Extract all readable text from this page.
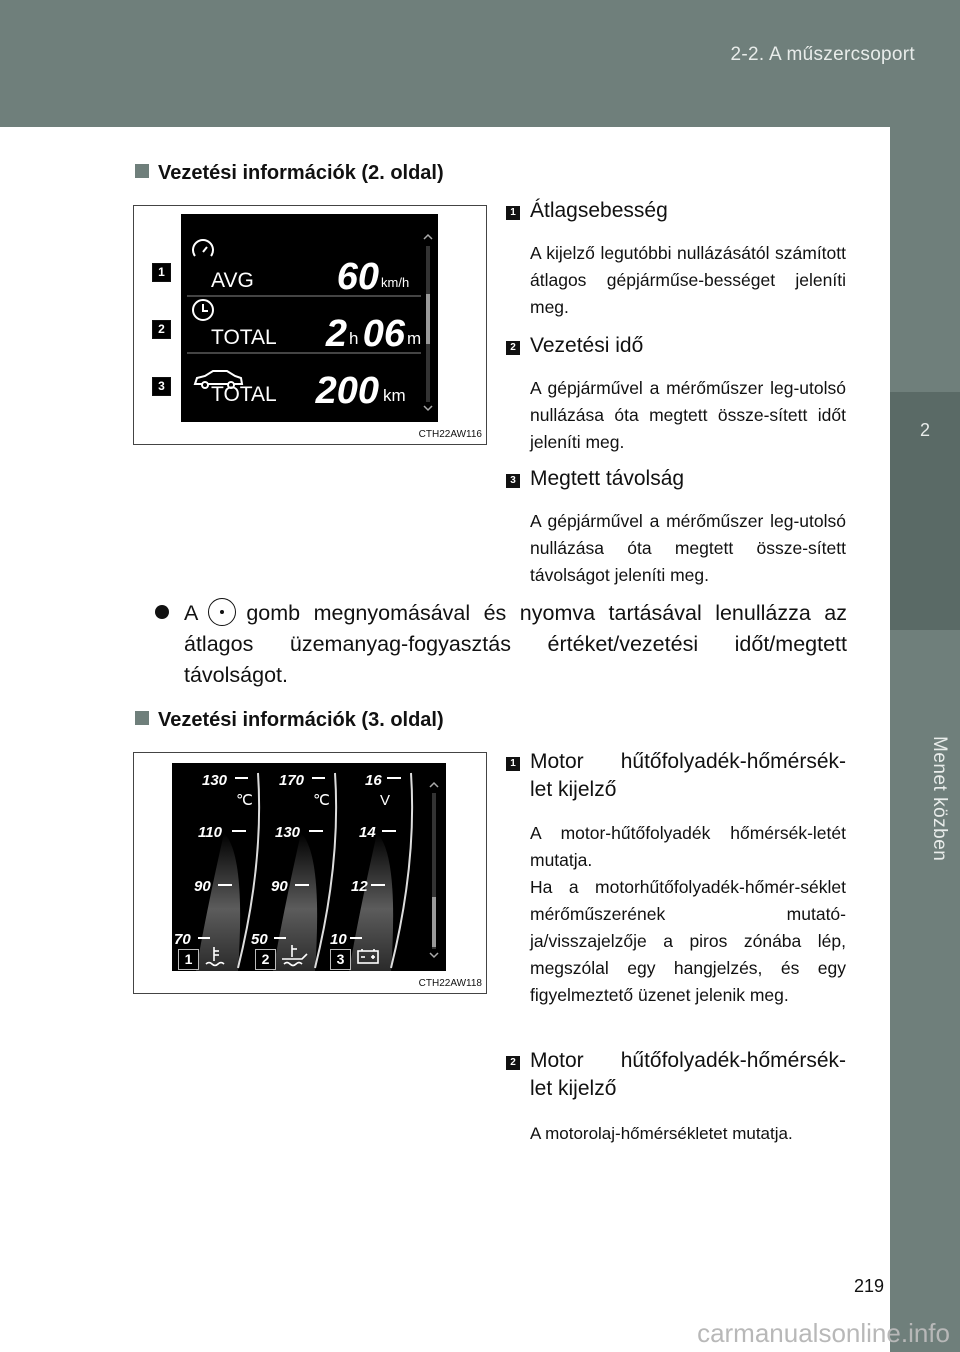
2-2. A műszercsoport
2
Menet közben
Vezetési információk (2. oldal)
1
2
3
AVG
TOTAL
TOTAL
60 km/h
2 h 06 m
200 km
CTH22AW116
1 Átlagsebesség
A kijelző legutóbbi nullázásától számított átlagos gépjárműse-bességet jeleníti meg.
2 Vezetési idő
A gépjárművel a mérőműszer leg-utolsó nullázása óta megtett össze-sített időt jeleníti meg.
3 Megtett távolság
A gépjárművel a mérőműszer leg-utolsó nullázása óta megtett össze-sített távolságot jeleníti meg.
A gomb megnyomásával és nyomva tartásával lenullázza az átlagos üzemanyag-fogyasztás értéket/vezetési időt/megtett távolságot.
Vezetési információk (3. oldal)
130
℃
110
90
70
170
℃
130
90
50
16
V
14
12
10
1	2	3
CTH22AW118
1 Motor hűtőfolyadék-hőmérsék-
let kijelző
A motor-hűtőfolyadék hőmérsék-letét mutatja.
Ha a motorhűtőfolyadék-hőmér-séklet mérőműszerének mutató-ja/visszajelzője a piros zónába lép, megszólal egy hangjelzés, és egy figyelmeztető üzenet jelenik meg.
2 Motor hűtőfolyadék-hőmérsék-
let kijelző
A motorolaj-hőmérsékletet mutatja.
219
carmanualsonline.info
